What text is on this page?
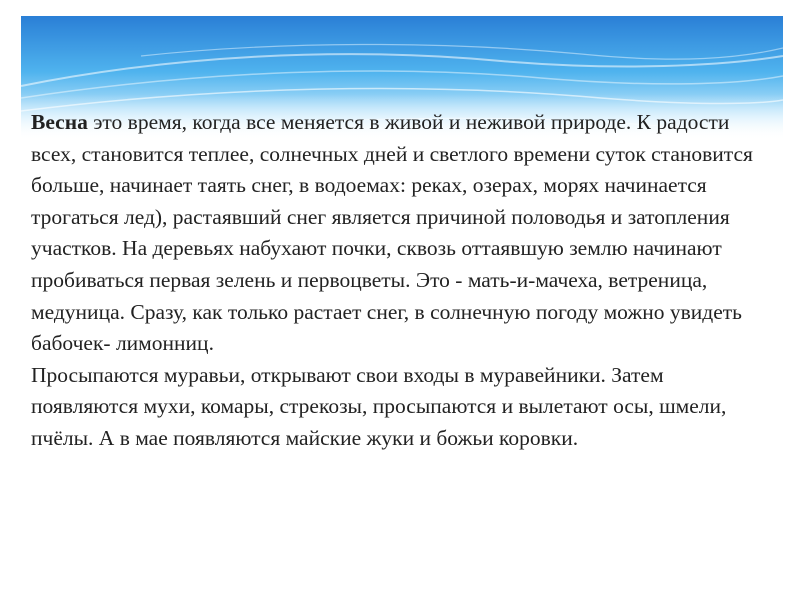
Весна это время, когда все меняется в живой и неживой природе. К радости всех, становится теплее, солнечных дней и светлого времени суток становится больше, начинает таять снег, в водоемах: реках, озерах, морях начинается трогаться лед), растаявший снег является причиной половодья и затопления участков. На деревьях набухают почки, сквозь оттаявшую землю начинают пробиваться первая зелень и первоцветы. Это - мать-и-мачеха, ветреница, медуница. Сразу, как только растает снег, в солнечную погоду можно увидеть бабочек- лимонниц.

Просыпаются муравьи, открывают свои входы в муравейники. Затем появляются мухи, комары, стрекозы, просыпаются и вылетают осы, шмели, пчёлы. А в мае появляются майские жуки и божьи коровки.
